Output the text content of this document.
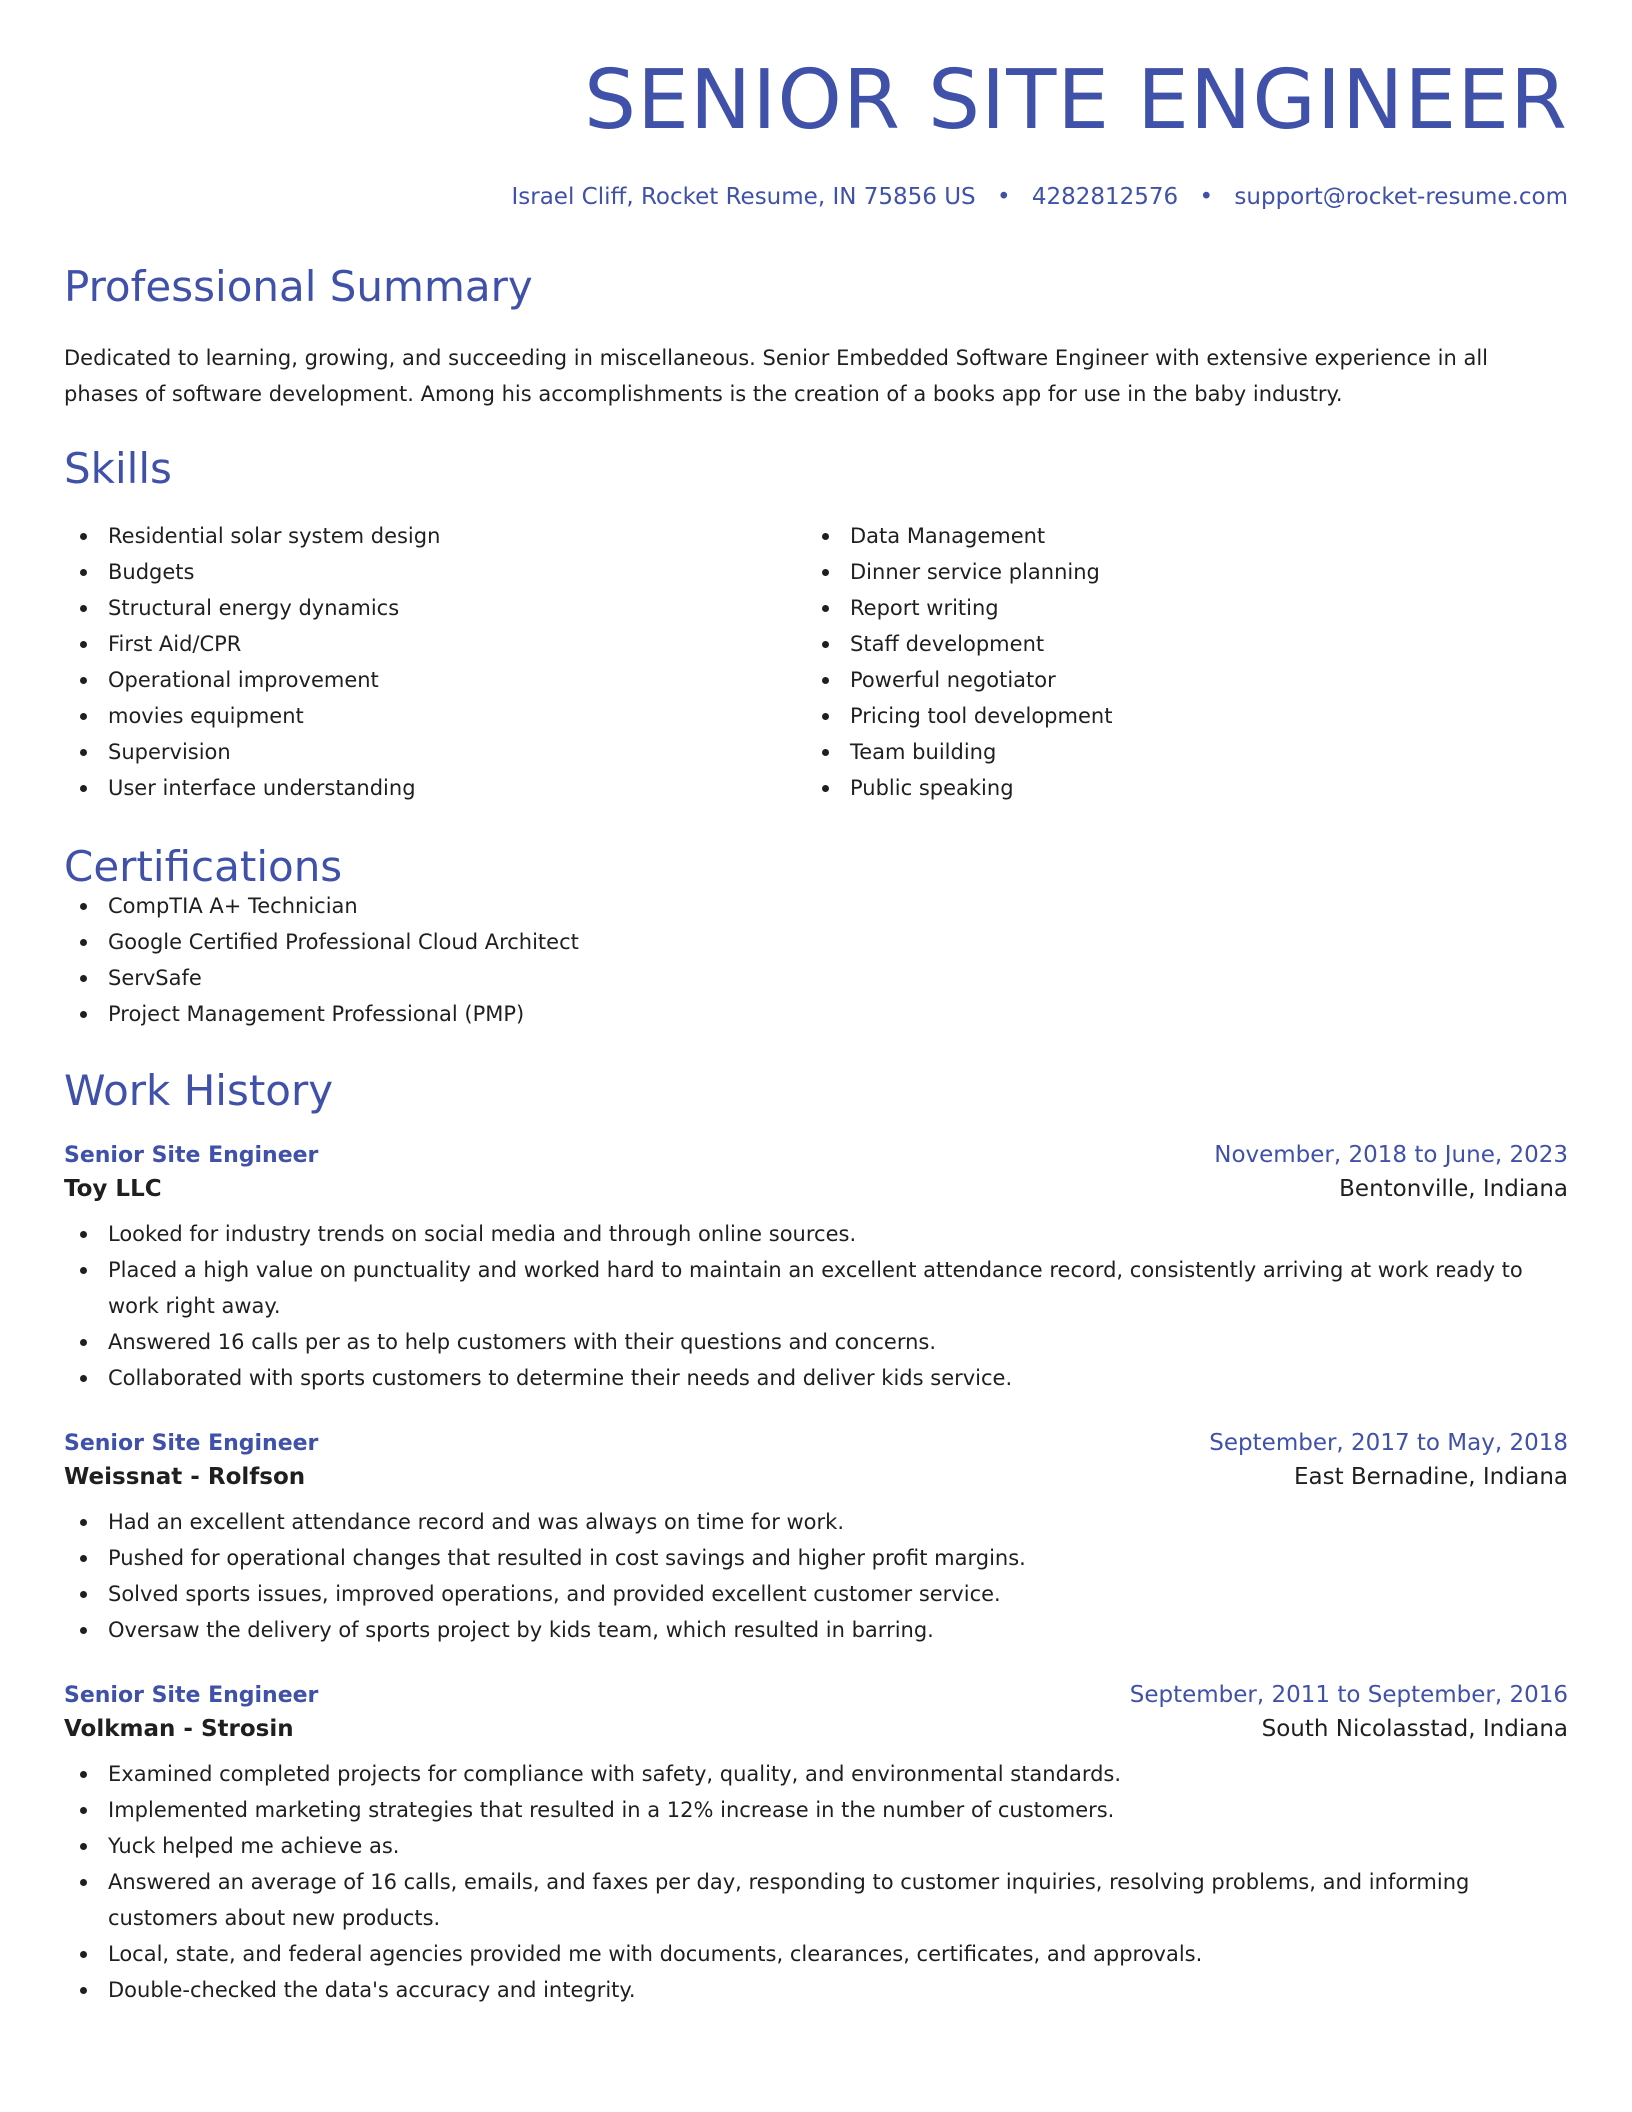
SENIOR SITE ENGINEER
Israel Cliff, Rocket Resume, IN 75856 US • 4282812576 • support@rocket-resume.com
Professional Summary

Dedicated to learning, growing, and succeeding in miscellaneous. Senior Embedded Software Engineer with extensive experience in all phases of software development. Among his accomplishments is the creation of a books app for use in the baby industry.

Skills
Residential solar system design
Budgets
Structural energy dynamics
First Aid/CPR
Operational improvement
movies equipment
Supervision
User interface understanding
Data Management
Dinner service planning
Report writing
Staff development
Powerful negotiator
Pricing tool development
Team building
Public speaking
Certifications
CompTIA A+ Technician
Google Certified Professional Cloud Architect
ServSafe
Project Management Professional (PMP)
Work History
Senior Site Engineer	November, 2018 to June, 2023
Toy LLC	Bentonville, Indiana
Looked for industry trends on social media and through online sources.
Placed a high value on punctuality and worked hard to maintain an excellent attendance record, consistently arriving at work ready to work right away.
Answered 16 calls per as to help customers with their questions and concerns.
Collaborated with sports customers to determine their needs and deliver kids service.
Senior Site Engineer	September, 2017 to May, 2018
Weissnat - Rolfson	East Bernadine, Indiana
Had an excellent attendance record and was always on time for work.
Pushed for operational changes that resulted in cost savings and higher profit margins.
Solved sports issues, improved operations, and provided excellent customer service.
Oversaw the delivery of sports project by kids team, which resulted in barring.
Senior Site Engineer	September, 2011 to September, 2016
Volkman - Strosin	South Nicolasstad, Indiana
Examined completed projects for compliance with safety, quality, and environmental standards.
Implemented marketing strategies that resulted in a 12% increase in the number of customers.
Yuck helped me achieve as.
Answered an average of 16 calls, emails, and faxes per day, responding to customer inquiries, resolving problems, and informing customers about new products.
Local, state, and federal agencies provided me with documents, clearances, certificates, and approvals.
Double-checked the data's accuracy and integrity.
